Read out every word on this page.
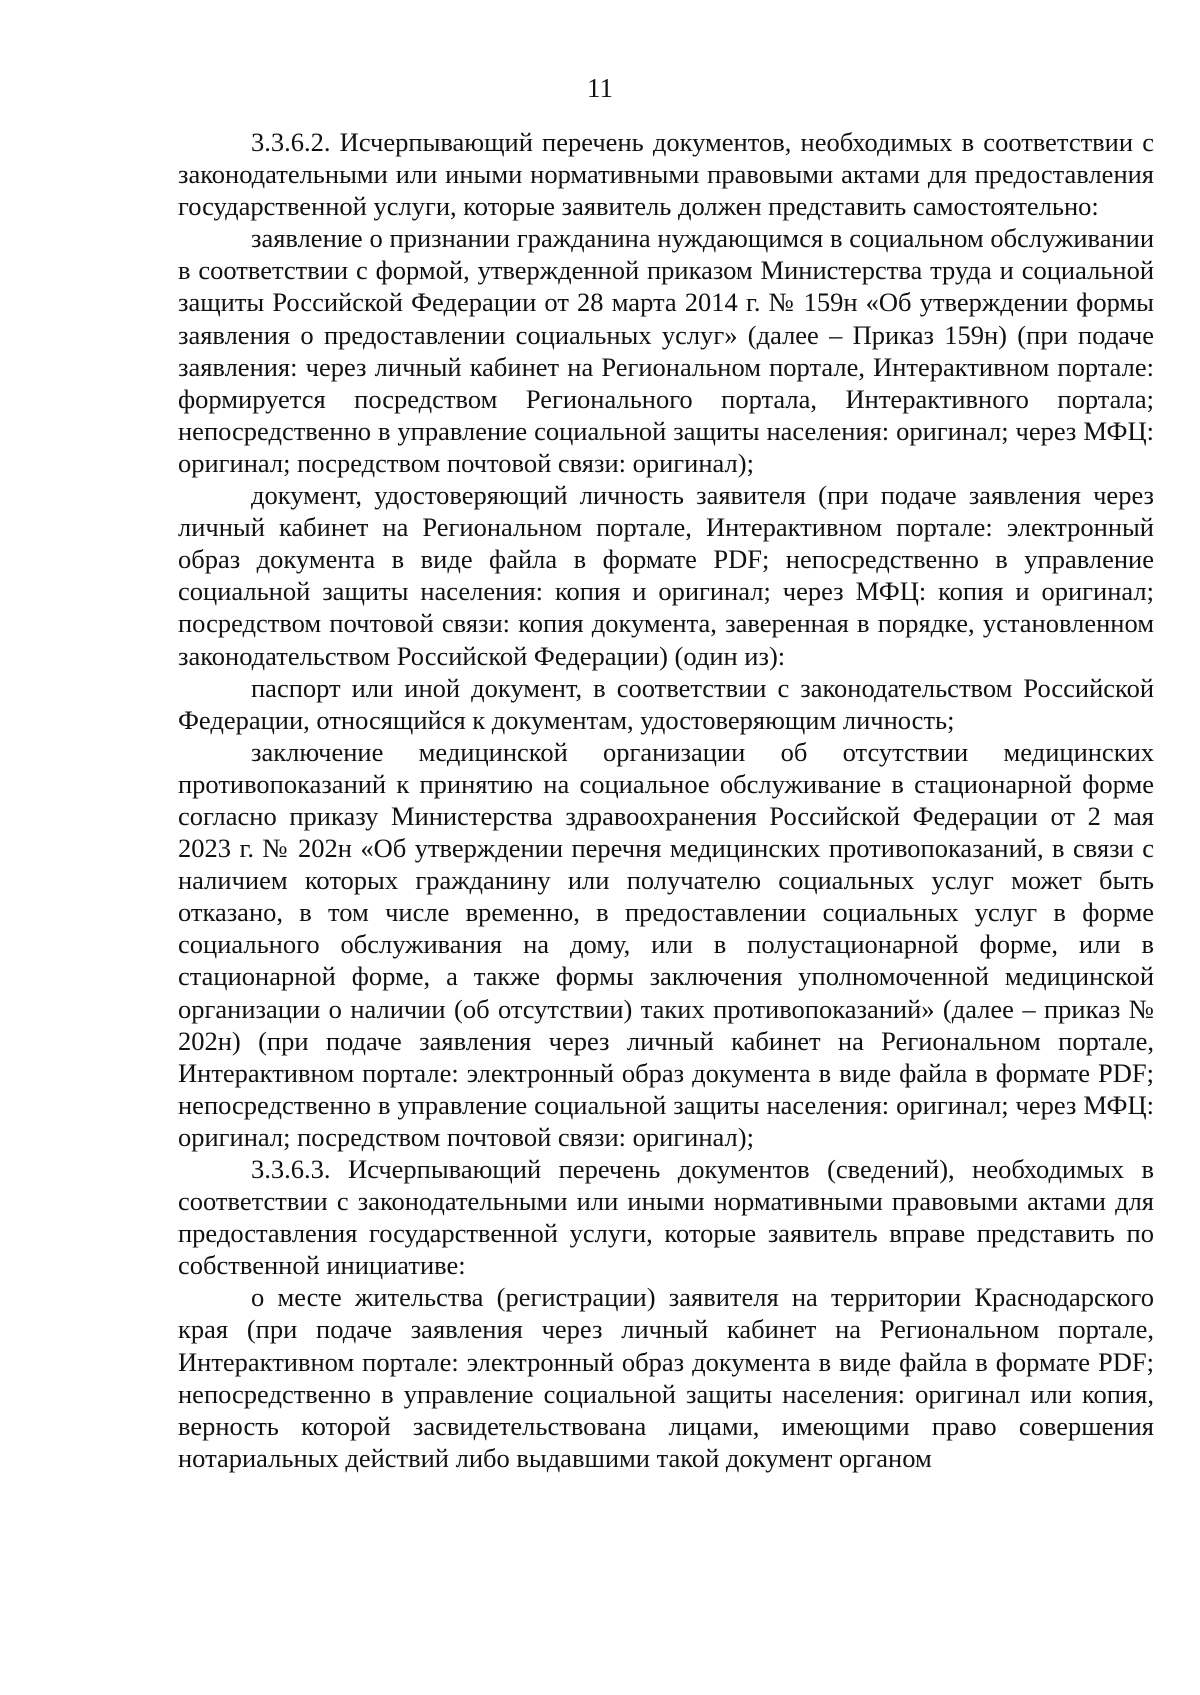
11

3.3.6.2. Исчерпывающий перечень документов, необходимых в соответствии с законодательными или иными нормативными правовыми актами для предоставления государственной услуги, которые заявитель должен представить самостоятельно:

заявление о признании гражданина нуждающимся в социальном обслуживании в соответствии с формой, утвержденной приказом Министерства труда и социальной защиты Российской Федерации от 28 марта 2014 г. № 159н «Об утверждении формы заявления о предоставлении социальных услуг» (далее – Приказ 159н) (при подаче заявления: через личный кабинет на Региональном портале, Интерактивном портале: формируется посредством Регионального портала, Интерактивного портала; непосредственно в управление социальной защиты населения: оригинал; через МФЦ: оригинал; посредством почтовой связи: оригинал);

документ, удостоверяющий личность заявителя (при подаче заявления через личный кабинет на Региональном портале, Интерактивном портале: электронный образ документа в виде файла в формате PDF; непосредственно в управление социальной защиты населения: копия и оригинал; через МФЦ: копия и оригинал; посредством почтовой связи: копия документа, заверенная в порядке, установленном законодательством Российской Федерации) (один из):

паспорт или иной документ, в соответствии с законодательством Российской Федерации, относящийся к документам, удостоверяющим личность;

заключение медицинской организации об отсутствии медицинских противопоказаний к принятию на социальное обслуживание в стационарной форме согласно приказу Министерства здравоохранения Российской Федерации от 2 мая 2023 г. № 202н «Об утверждении перечня медицинских противопоказаний, в связи с наличием которых гражданину или получателю социальных услуг может быть отказано, в том числе временно, в предоставлении социальных услуг в форме социального обслуживания на дому, или в полустационарной форме, или в стационарной форме, а также формы заключения уполномоченной медицинской организации о наличии (об отсутствии) таких противопоказаний» (далее – приказ № 202н) (при подаче заявления через личный кабинет на Региональном портале, Интерактивном портале: электронный образ документа в виде файла в формате PDF; непосредственно в управление социальной защиты населения: оригинал; через МФЦ: оригинал; посредством почтовой связи: оригинал);

3.3.6.3. Исчерпывающий перечень документов (сведений), необходимых в соответствии с законодательными или иными нормативными правовыми актами для предоставления государственной услуги, которые заявитель вправе представить по собственной инициативе:

о месте жительства (регистрации) заявителя на территории Краснодарского края (при подаче заявления через личный кабинет на Региональном портале, Интерактивном портале: электронный образ документа в виде файла в формате PDF; непосредственно в управление социальной защиты населения: оригинал или копия, верность которой засвидетельствована лицами, имеющими право совершения нотариальных действий либо выдавшими такой документ органом
